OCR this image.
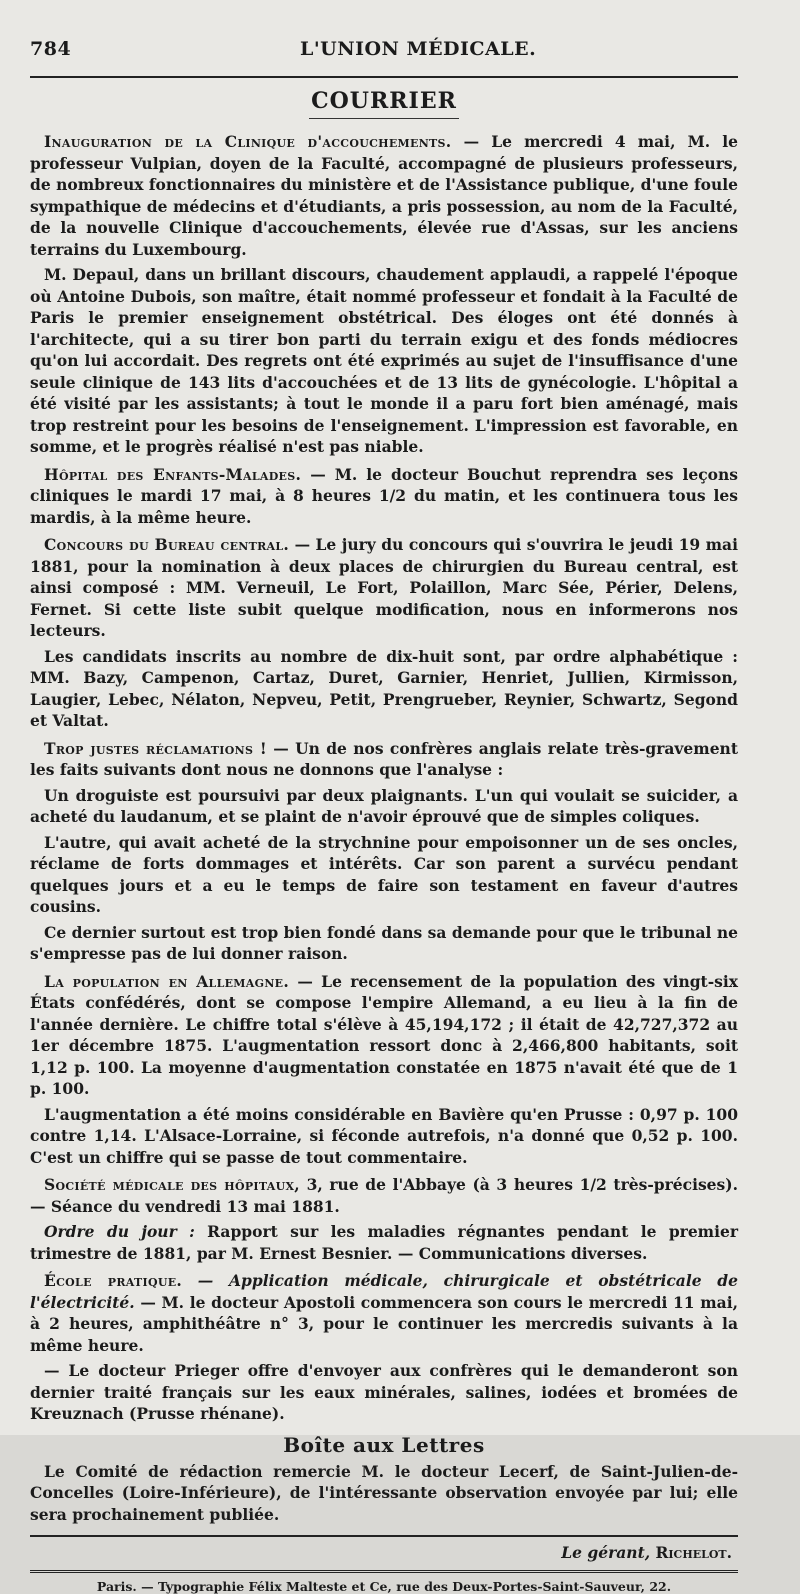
784	L'UNION MÉDICALE.
COURRIER

Inauguration de la Clinique d'accouchements. — Le mercredi 4 mai, M. le professeur Vulpian, doyen de la Faculté, accompagné de plusieurs professeurs, de nombreux fonctionnaires du ministère et de l'Assistance publique, d'une foule sympathique de médecins et d'étudiants, a pris possession, au nom de la Faculté, de la nouvelle Clinique d'accouchements, élevée rue d'Assas, sur les anciens terrains du Luxembourg.

M. Depaul, dans un brillant discours, chaudement applaudi, a rappelé l'époque où Antoine Dubois, son maître, était nommé professeur et fondait à la Faculté de Paris le premier enseignement obstétrical. Des éloges ont été donnés à l'architecte, qui a su tirer bon parti du terrain exigu et des fonds médiocres qu'on lui accordait. Des regrets ont été exprimés au sujet de l'insuffisance d'une seule clinique de 143 lits d'accouchées et de 13 lits de gynécologie. L'hôpital a été visité par les assistants; à tout le monde il a paru fort bien aménagé, mais trop restreint pour les besoins de l'enseignement. L'impression est favorable, en somme, et le progrès réalisé n'est pas niable.

Hôpital des Enfants-Malades. — M. le docteur Bouchut reprendra ses leçons cliniques le mardi 17 mai, à 8 heures 1/2 du matin, et les continuera tous les mardis, à la même heure.

Concours du Bureau central. — Le jury du concours qui s'ouvrira le jeudi 19 mai 1881, pour la nomination à deux places de chirurgien du Bureau central, est ainsi composé : MM. Verneuil, Le Fort, Polaillon, Marc Sée, Périer, Delens, Fernet. Si cette liste subit quelque modification, nous en informerons nos lecteurs.

Les candidats inscrits au nombre de dix-huit sont, par ordre alphabétique : MM. Bazy, Campenon, Cartaz, Duret, Garnier, Henriet, Jullien, Kirmisson, Laugier, Lebec, Nélaton, Nepveu, Petit, Prengrueber, Reynier, Schwartz, Segond et Valtat.

Trop justes réclamations ! — Un de nos confrères anglais relate très-gravement les faits suivants dont nous ne donnons que l'analyse :

Un droguiste est poursuivi par deux plaignants. L'un qui voulait se suicider, a acheté du laudanum, et se plaint de n'avoir éprouvé que de simples coliques.

L'autre, qui avait acheté de la strychnine pour empoisonner un de ses oncles, réclame de forts dommages et intérêts. Car son parent a survécu pendant quelques jours et a eu le temps de faire son testament en faveur d'autres cousins.

Ce dernier surtout est trop bien fondé dans sa demande pour que le tribunal ne s'empresse pas de lui donner raison.

La population en Allemagne. — Le recensement de la population des vingt-six États confédérés, dont se compose l'empire Allemand, a eu lieu à la fin de l'année dernière. Le chiffre total s'élève à 45,194,172 ; il était de 42,727,372 au 1er décembre 1875. L'augmentation ressort donc à 2,466,800 habitants, soit 1,12 p. 100. La moyenne d'augmentation constatée en 1875 n'avait été que de 1 p. 100.

L'augmentation a été moins considérable en Bavière qu'en Prusse : 0,97 p. 100 contre 1,14. L'Alsace-Lorraine, si féconde autrefois, n'a donné que 0,52 p. 100. C'est un chiffre qui se passe de tout commentaire.

Société médicale des hôpitaux, 3, rue de l'Abbaye (à 3 heures 1/2 très-précises). — Séance du vendredi 13 mai 1881.

Ordre du jour : Rapport sur les maladies régnantes pendant le premier trimestre de 1881, par M. Ernest Besnier. — Communications diverses.

École pratique. — Application médicale, chirurgicale et obstétricale de l'électricité. — M. le docteur Apostoli commencera son cours le mercredi 11 mai, à 2 heures, amphithéâtre n° 3, pour le continuer les mercredis suivants à la même heure.

— Le docteur Prieger offre d'envoyer aux confrères qui le demanderont son dernier traité français sur les eaux minérales, salines, iodées et bromées de Kreuznach (Prusse rhénane).

Boîte aux Lettres

Le Comité de rédaction remercie M. le docteur Lecerf, de Saint-Julien-de-Concelles (Loire-Inférieure), de l'intéressante observation envoyée par lui; elle sera prochainement publiée.

Le gérant, Richelot.
Paris. — Typographie Félix Malteste et Ce, rue des Deux-Portes-Saint-Sauveur, 22.
